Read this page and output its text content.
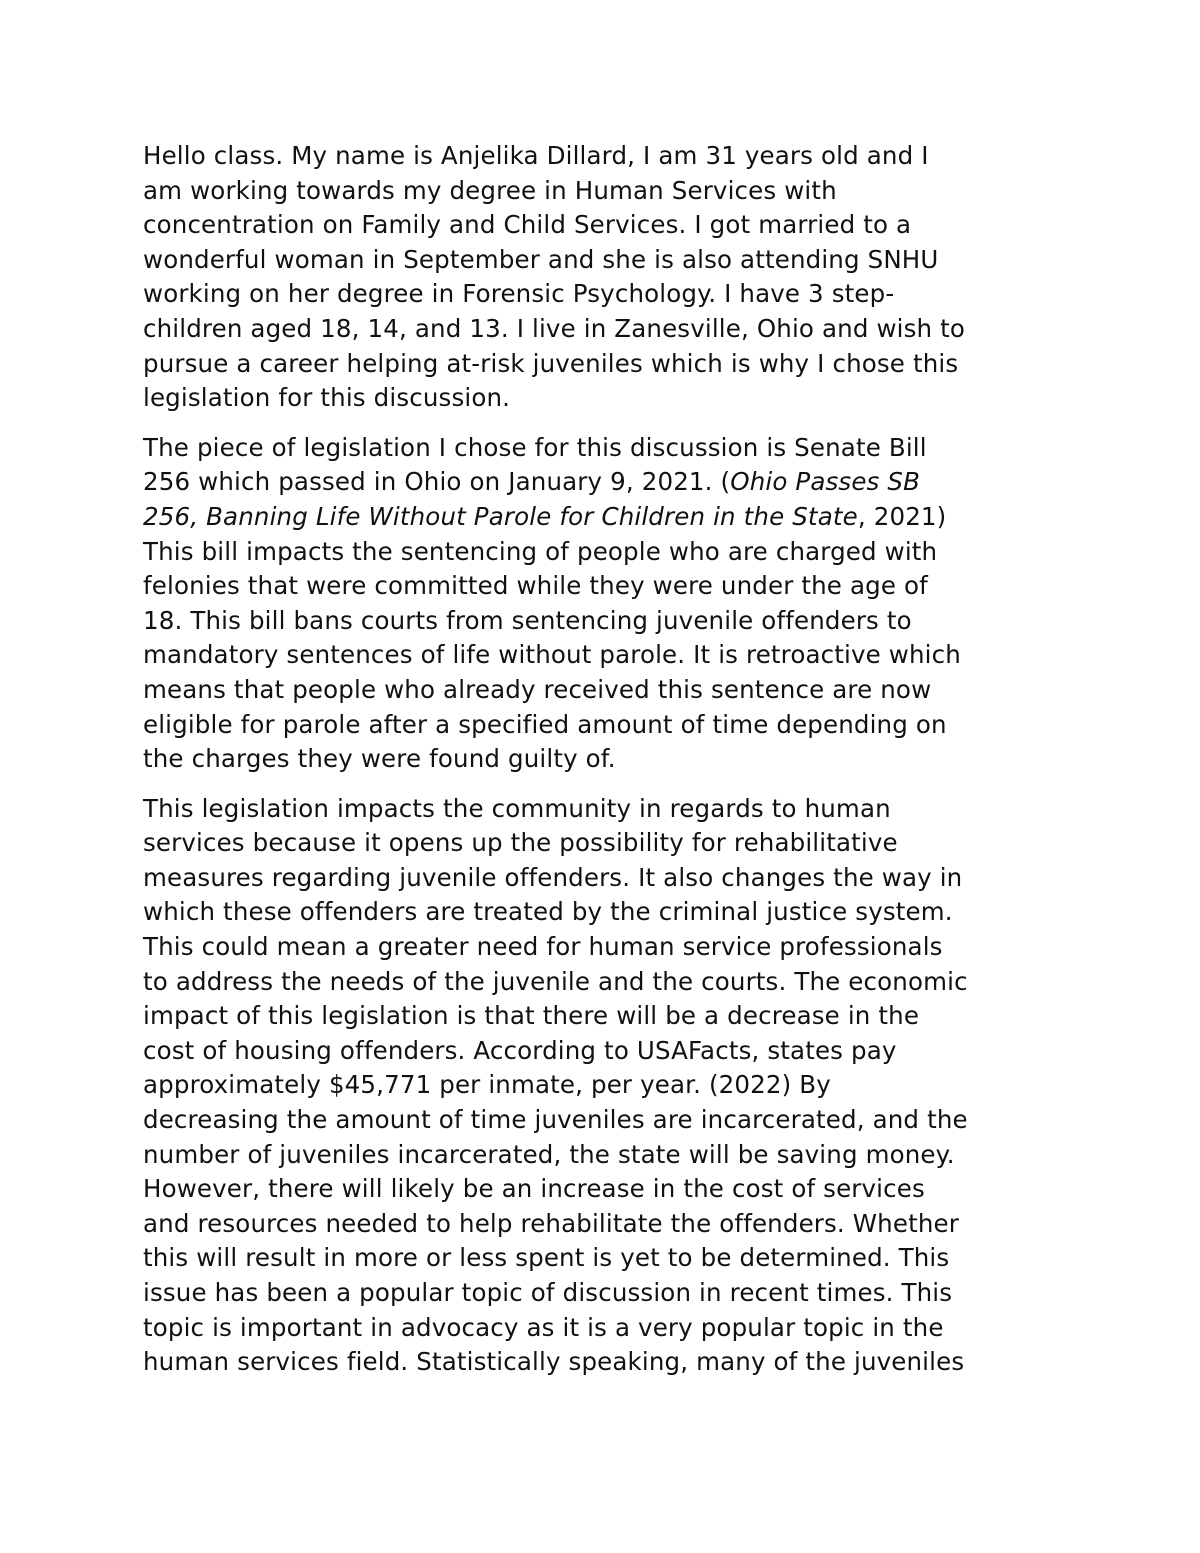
Hello class. My name is Anjelika Dillard, I am 31 years old and I
am working towards my degree in Human Services with
concentration on Family and Child Services. I got married to a
wonderful woman in September and she is also attending SNHU
working on her degree in Forensic Psychology. I have 3 step-
children aged 18, 14, and 13. I live in Zanesville, Ohio and wish to
pursue a career helping at-risk juveniles which is why I chose this
legislation for this discussion.

The piece of legislation I chose for this discussion is Senate Bill
256 which passed in Ohio on January 9, 2021. (Ohio Passes SB
256, Banning Life Without Parole for Children in the State, 2021)
This bill impacts the sentencing of people who are charged with
felonies that were committed while they were under the age of
18. This bill bans courts from sentencing juvenile offenders to
mandatory sentences of life without parole. It is retroactive which
means that people who already received this sentence are now
eligible for parole after a specified amount of time depending on
the charges they were found guilty of.

This legislation impacts the community in regards to human
services because it opens up the possibility for rehabilitative
measures regarding juvenile offenders. It also changes the way in
which these offenders are treated by the criminal justice system.
This could mean a greater need for human service professionals
to address the needs of the juvenile and the courts. The economic
impact of this legislation is that there will be a decrease in the
cost of housing offenders. According to USAFacts, states pay
approximately $45,771 per inmate, per year. (2022) By
decreasing the amount of time juveniles are incarcerated, and the
number of juveniles incarcerated, the state will be saving money.
However, there will likely be an increase in the cost of services
and resources needed to help rehabilitate the offenders. Whether
this will result in more or less spent is yet to be determined. This
issue has been a popular topic of discussion in recent times. This
topic is important in advocacy as it is a very popular topic in the
human services field. Statistically speaking, many of the juveniles
